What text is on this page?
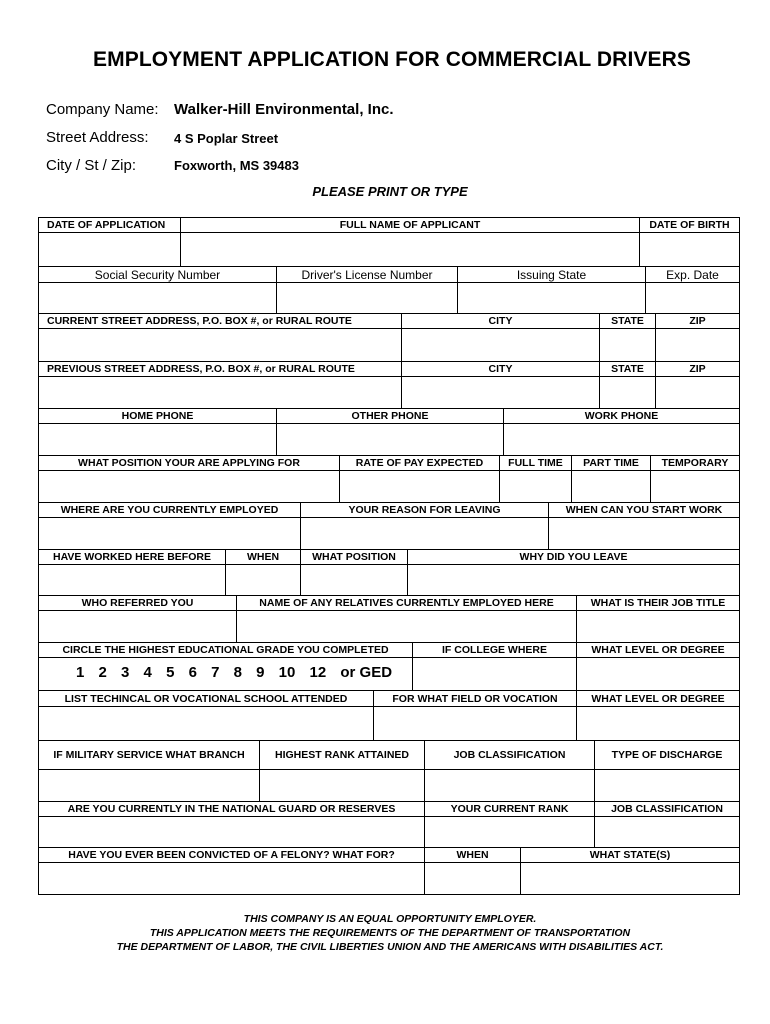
EMPLOYMENT APPLICATION FOR COMMERCIAL DRIVERS
Company Name: Walker-Hill Environmental, Inc.
Street Address: 4 S Poplar Street
City / St / Zip:	Foxworth, MS 39483
PLEASE PRINT OR TYPE
DATE OF APPLICATION	FULL NAME OF APPLICANT	DATE OF BIRTH
Social Security Number	Driver's License Number	Issuing State	Exp. Date
CURRENT STREET ADDRESS, P.O. BOX #, or RURAL ROUTE	CITY	STATE	ZIP
PREVIOUS STREET ADDRESS, P.O. BOX #, or RURAL ROUTE	CITY	STATE	ZIP
HOME PHONE	OTHER PHONE	WORK PHONE
WHAT POSITION YOUR ARE APPLYING FOR	RATE OF PAY EXPECTED	FULL TIME	PART TIME	TEMPORARY
WHERE ARE YOU CURRENTLY EMPLOYED	YOUR REASON FOR LEAVING	WHEN CAN YOU START WORK
HAVE WORKED HERE BEFORE	WHEN	WHAT POSITION	WHY DID YOU LEAVE
WHO REFERRED YOU	NAME OF ANY RELATIVES CURRENTLY EMPLOYED HERE	WHAT IS THEIR JOB TITLE
CIRCLE THE HIGHEST EDUCATIONAL GRADE YOU COMPLETED	IF COLLEGE WHERE	WHAT LEVEL OR DEGREE
1 2 3 4 5 6 7 8 9 10 12 or GED
LIST TECHINCAL OR VOCATIONAL SCHOOL ATTENDED	FOR WHAT FIELD OR VOCATION	WHAT LEVEL OR DEGREE
IF MILITARY SERVICE WHAT BRANCH	HIGHEST RANK ATTAINED	JOB CLASSIFICATION	TYPE OF DISCHARGE
ARE YOU CURRENTLY IN THE NATIONAL GUARD OR RESERVES	YOUR CURRENT RANK	JOB CLASSIFICATION
HAVE YOU EVER BEEN CONVICTED OF A FELONY? WHAT FOR?	WHEN	WHAT STATE(S)
THIS COMPANY IS AN EQUAL OPPORTUNITY EMPLOYER.
THIS APPLICATION MEETS THE REQUIREMENTS OF THE DEPARTMENT OF TRANSPORTATION
THE DEPARTMENT OF LABOR, THE CIVIL LIBERTIES UNION AND THE AMERICANS WITH DISABILITIES ACT.
